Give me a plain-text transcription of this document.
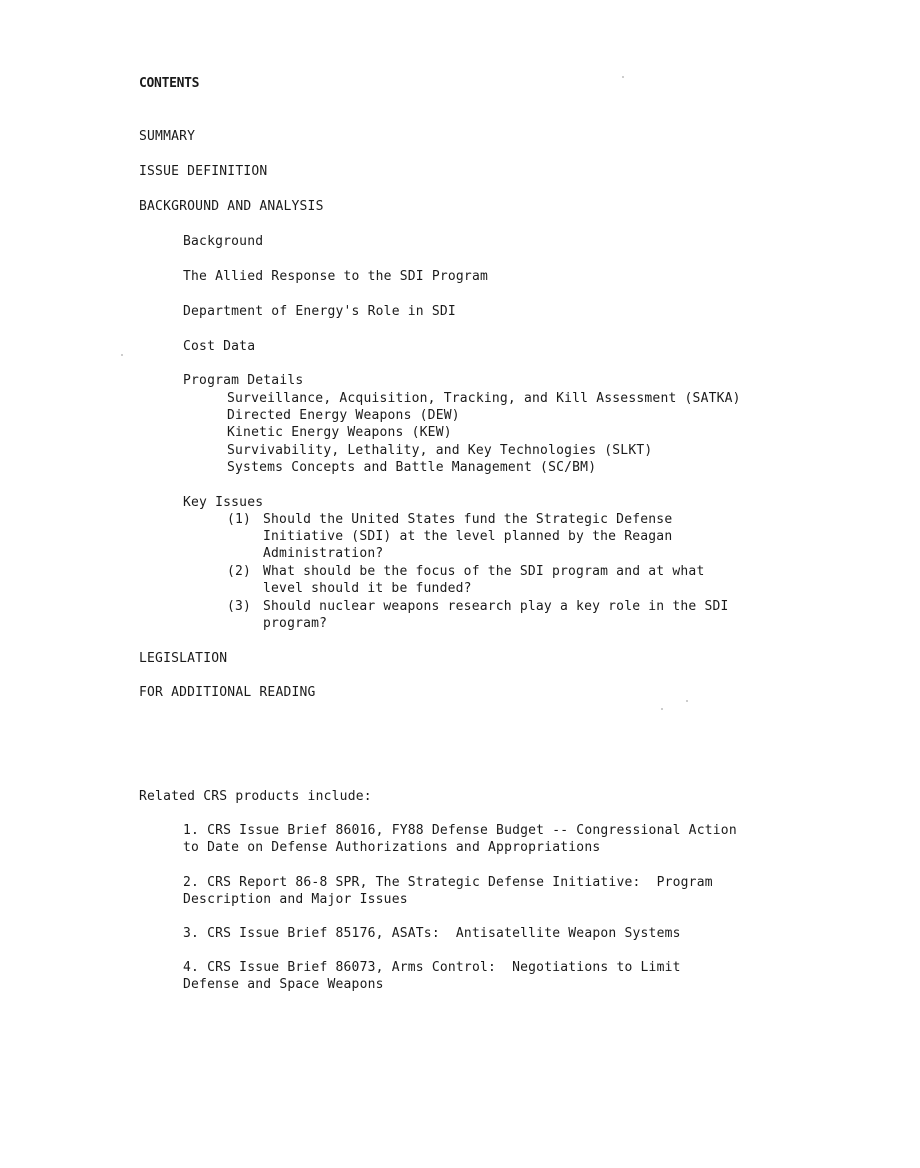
CONTENTS
SUMMARY
ISSUE DEFINITION
BACKGROUND AND ANALYSIS
Background
The Allied Response to the SDI Program
Department of Energy's Role in SDI
Cost Data
Program Details
Surveillance, Acquisition, Tracking, and Kill Assessment (SATKA)
Directed Energy Weapons (DEW)
Kinetic Energy Weapons (KEW)
Survivability, Lethality, and Key Technologies (SLKT)
Systems Concepts and Battle Management (SC/BM)
Key Issues
(1) Should the United States fund the Strategic Defense
Initiative (SDI) at the level planned by the Reagan
Administration?
(2) What should be the focus of the SDI program and at what
level should it be funded?
(3) Should nuclear weapons research play a key role in the SDI
program?
LEGISLATION
FOR ADDITIONAL READING
Related CRS products include:
1. CRS Issue Brief 86016, FY88 Defense Budget -- Congressional Action
to Date on Defense Authorizations and Appropriations
2. CRS Report 86-8 SPR, The Strategic Defense Initiative:  Program
Description and Major Issues
3. CRS Issue Brief 85176, ASATs:  Antisatellite Weapon Systems
4. CRS Issue Brief 86073, Arms Control:  Negotiations to Limit
Defense and Space Weapons
